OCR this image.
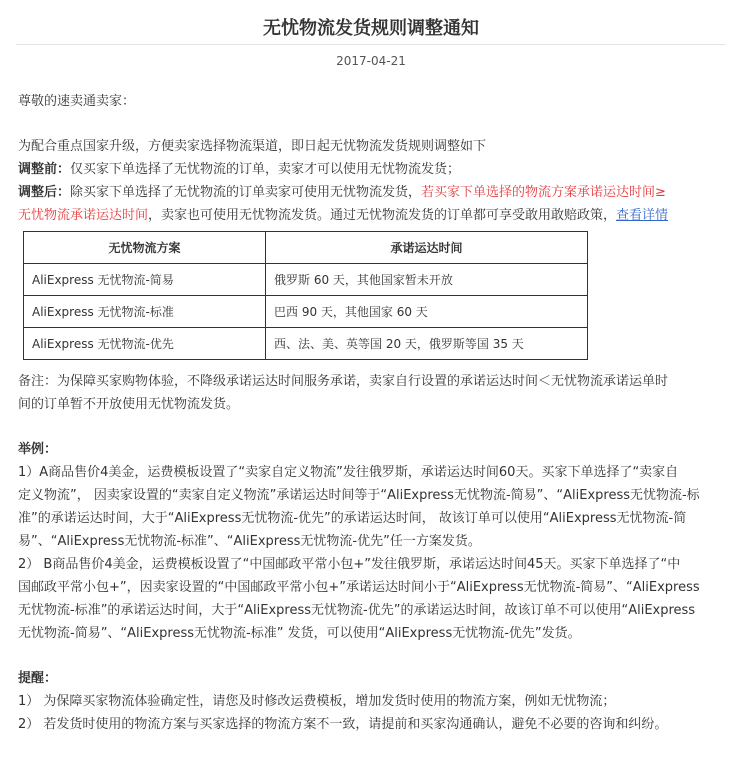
无忧物流发货规则调整通知
2017-04-21
尊敬的速卖通卖家：
为配合重点国家升级，方便卖家选择物流渠道，即日起无忧物流发货规则调整如下
调整前：仅买家下单选择了无忧物流的订单，卖家才可以使用无忧物流发货；
调整后：除买家下单选择了无忧物流的订单卖家可使用无忧物流发货，若买家下单选择的物流方案承诺运达时间≥
无忧物流承诺运达时间，卖家也可使用无忧物流发货。通过无忧物流发货的订单都可享受敢用敢赔政策，查看详情
无忧物流方案	承诺运达时间
AliExpress 无忧物流-简易	俄罗斯 60 天，其他国家暂未开放
AliExpress 无忧物流-标准	巴西 90 天，其他国家 60 天
AliExpress 无忧物流-优先	西、法、美、英等国 20 天，俄罗斯等国 35 天
备注：为保障买家购物体验，不降级承诺运达时间服务承诺，卖家自行设置的承诺运达时间＜无忧物流承诺运单时
间的订单暂不开放使用无忧物流发货。
举例：
1）A商品售价4美金，运费模板设置了“卖家自定义物流”发往俄罗斯，承诺运达时间60天。买家下单选择了“卖家自
定义物流”， 因卖家设置的“卖家自定义物流”承诺运达时间等于“AliExpress无忧物流-简易”、“AliExpress无忧物流-标
准”的承诺运达时间，大于“AliExpress无忧物流-优先”的承诺运达时间， 故该订单可以使用“AliExpress无忧物流-简
易”、“AliExpress无忧物流-标准”、“AliExpress无忧物流-优先”任一方案发货。
2） B商品售价4美金，运费模板设置了“中国邮政平常小包+”发往俄罗斯，承诺运达时间45天。买家下单选择了“中
国邮政平常小包+”，因卖家设置的“中国邮政平常小包+”承诺运达时间小于“AliExpress无忧物流-简易”、“AliExpress
无忧物流-标准”的承诺运达时间，大于“AliExpress无忧物流-优先”的承诺运达时间，故该订单不可以使用“AliExpress
无忧物流-简易”、“AliExpress无忧物流-标准” 发货，可以使用“AliExpress无忧物流-优先”发货。
提醒：
1） 为保障买家物流体验确定性，请您及时修改运费模板，增加发货时使用的物流方案，例如无忧物流；
2） 若发货时使用的物流方案与买家选择的物流方案不一致，请提前和买家沟通确认，避免不必要的咨询和纠纷。
